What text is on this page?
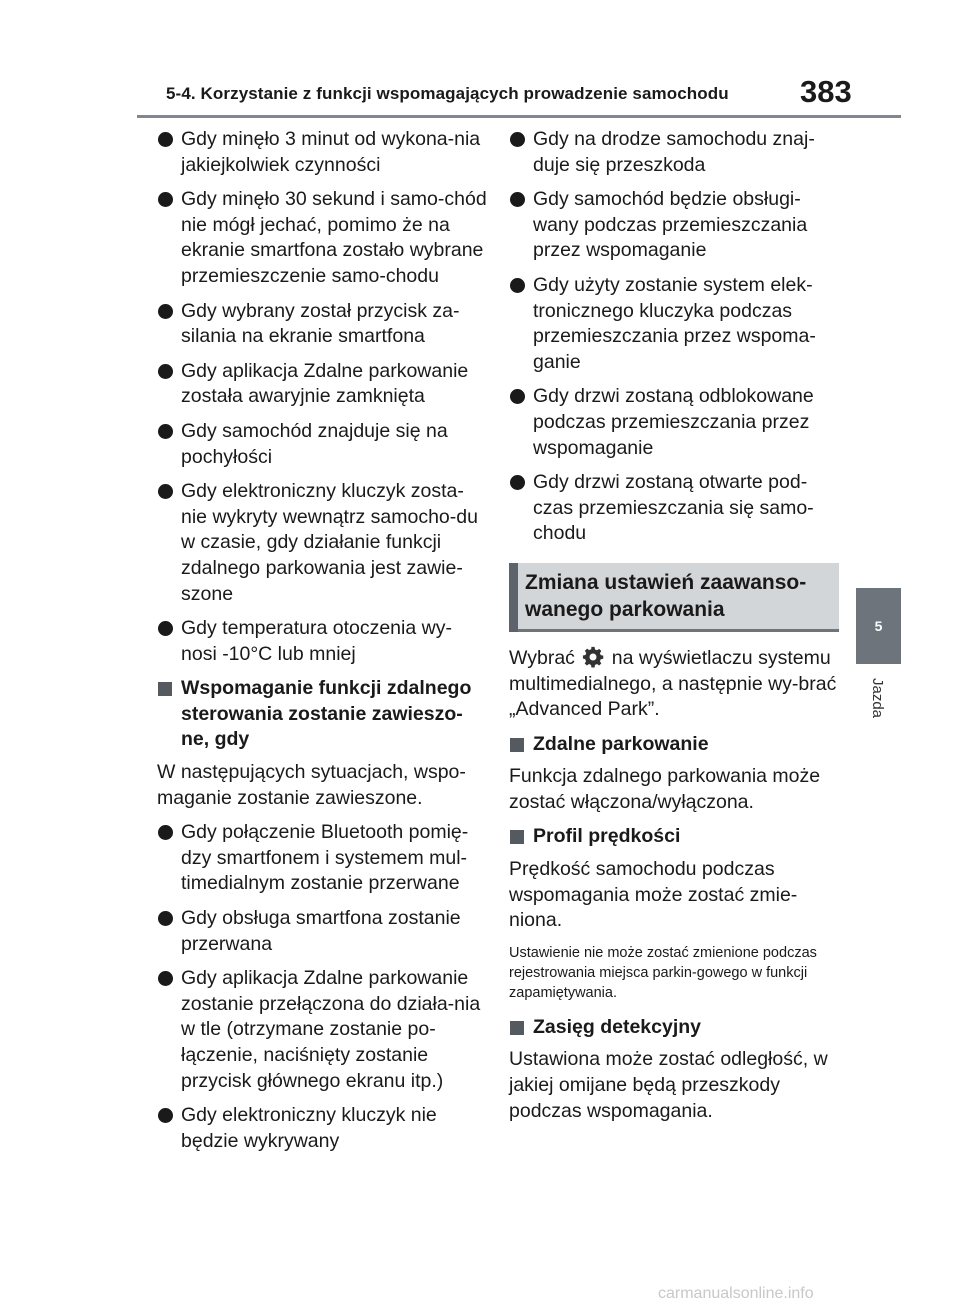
5-4. Korzystanie z funkcji wspomagających prowadzenie samochodu	383
Gdy minęło 3 minut od wykona-nia jakiejkolwiek czynności
Gdy minęło 30 sekund i samo-chód nie mógł jechać, pomimo że na ekranie smartfona zostało wybrane przemieszczenie samo-chodu
Gdy wybrany został przycisk za-silania na ekranie smartfona
Gdy aplikacja Zdalne parkowanie została awaryjnie zamknięta
Gdy samochód znajduje się na pochyłości
Gdy elektroniczny kluczyk zosta-nie wykryty wewnątrz samocho-du w czasie, gdy działanie funkcji zdalnego parkowania jest zawie-szone
Gdy temperatura otoczenia wy-nosi -10°C lub mniej
Wspomaganie funkcji zdalnego sterowania zostanie zawieszo-ne, gdy
W następujących sytuacjach, wspo-maganie zostanie zawieszone.
Gdy połączenie Bluetooth pomię-dzy smartfonem i systemem mul-timedialnym zostanie przerwane
Gdy obsługa smartfona zostanie przerwana
Gdy aplikacja Zdalne parkowanie zostanie przełączona do działa-nia w tle (otrzymane zostanie po-łączenie, naciśnięty zostanie przycisk głównego ekranu itp.)
Gdy elektroniczny kluczyk nie będzie wykrywany
Gdy na drodze samochodu znaj-duje się przeszkoda
Gdy samochód będzie obsługi-wany podczas przemieszczania przez wspomaganie
Gdy użyty zostanie system elek-tronicznego kluczyka podczas przemieszczania przez wspoma-ganie
Gdy drzwi zostaną odblokowane podczas przemieszczania przez wspomaganie
Gdy drzwi zostaną otwarte pod-czas przemieszczania się samo-chodu
Zmiana ustawień zaawanso-wanego parkowania
Wybrać na wyświetlaczu systemu multimedialnego, a następnie wy-brać „Advanced Park”.
Zdalne parkowanie
Funkcja zdalnego parkowania może zostać włączona/wyłączona.
Profil prędkości
Prędkość samochodu podczas wspomagania może zostać zmie-niona.
Ustawienie nie może zostać zmienione podczas rejestrowania miejsca parkin-gowego w funkcji zapamiętywania.
Zasięg detekcyjny
Ustawiona może zostać odległość, w jakiej omijane będą przeszkody podczas wspomagania.
5
Jazda
carmanualsonline.info
